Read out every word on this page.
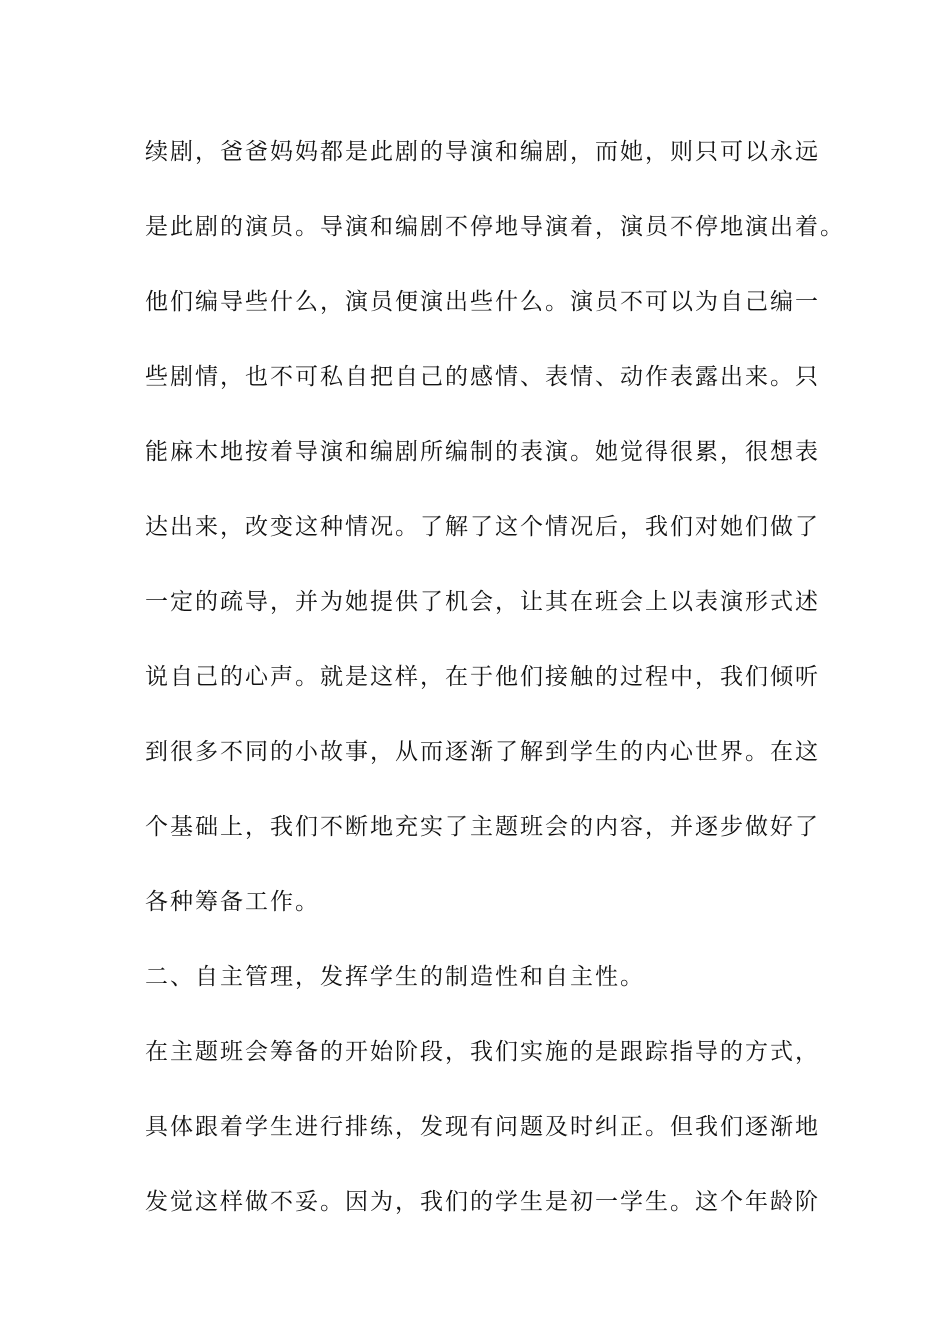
续剧，爸爸妈妈都是此剧的导演和编剧，而她，则只可以永远
是此剧的演员。导演和编剧不停地导演着，演员不停地演出着。
他们编导些什么，演员便演出些什么。演员不可以为自己编一
些剧情，也不可私自把自己的感情、表情、动作表露出来。只
能麻木地按着导演和编剧所编制的表演。她觉得很累，很想表
达出来，改变这种情况。了解了这个情况后，我们对她们做了
一定的疏导，并为她提供了机会，让其在班会上以表演形式述
说自己的心声。就是这样，在于他们接触的过程中，我们倾听
到很多不同的小故事，从而逐渐了解到学生的内心世界。在这
个基础上，我们不断地充实了主题班会的内容，并逐步做好了
各种筹备工作。
二、自主管理，发挥学生的制造性和自主性。
在主题班会筹备的开始阶段，我们实施的是跟踪指导的方式，
具体跟着学生进行排练，发现有问题及时纠正。但我们逐渐地
发觉这样做不妥。因为，我们的学生是初一学生。这个年龄阶
